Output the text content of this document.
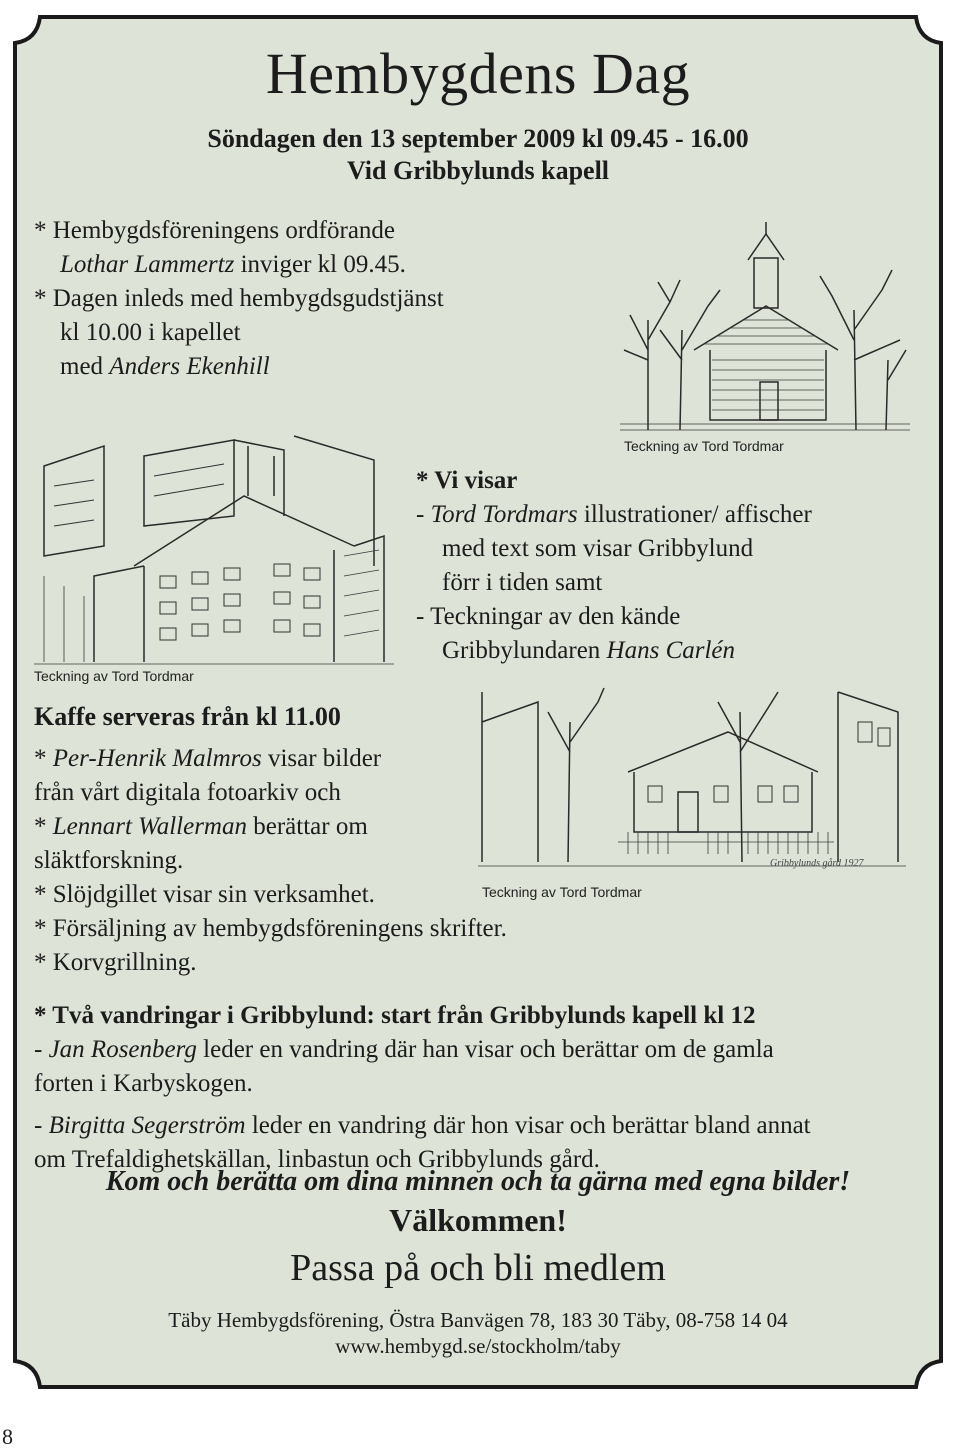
Hembygdens Dag
Söndagen den 13 september 2009 kl 09.45 - 16.00
Vid Gribbylunds kapell
* Hembygdsföreningens ordförande
Lothar Lammertz inviger kl 09.45.
* Dagen inleds med hembygdsgudstjänst
kl 10.00 i kapellet
med Anders Ekenhill
Teckning av Tord Tordmar
Teckning av Tord Tordmar
* Vi visar
- Tord Tordmars illustrationer/ affischer
med text som visar Gribbylund
förr i tiden samt
- Teckningar av den kände
Gribbylundaren Hans Carlén
Kaffe serveras från kl 11.00
* Per-Henrik Malmros visar bilder
från vårt digitala fotoarkiv och
* Lennart Wallerman berättar om
släktforskning.
* Slöjdgillet visar sin verksamhet.
* Försäljning av hembygdsföreningens skrifter.
* Korvgrillning.
Gribbylunds gård 1927
Teckning av Tord Tordmar
* Två vandringar i Gribbylund: start från Gribbylunds kapell kl 12
- Jan Rosenberg leder en vandring där han visar och berättar om de gamla
forten i Karbyskogen.
- Birgitta Segerström leder en vandring där hon visar och berättar bland annat
om Trefaldighetskällan, linbastun och Gribbylunds gård.
Kom och berätta om dina minnen och ta gärna med egna bilder!
Välkommen!
Passa på och bli medlem
Täby Hembygdsförening, Östra Banvägen 78, 183 30 Täby, 08-758 14 04
www.hembygd.se/stockholm/taby
8
